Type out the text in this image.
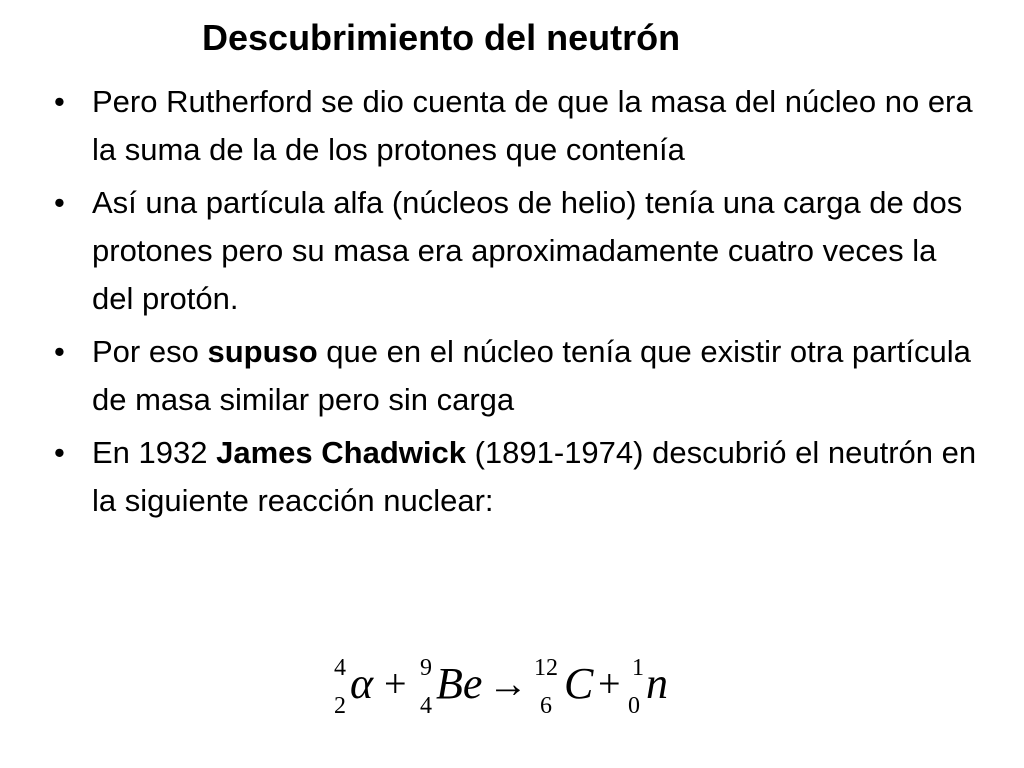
Descubrimiento del neutrón
• Pero Rutherford se dio cuenta de que la masa del núcleo no era la suma de la de los protones que contenía
• Así una partícula alfa (núcleos de helio) tenía una carga de dos protones pero su masa era aproximadamente cuatro veces la del protón.
• Por eso supuso que en el núcleo tenía que existir otra partícula de masa similar pero sin carga
• En 1932 James Chadwick (1891-1974) descubrió el neutrón en la siguiente reacción nuclear:
4
2 α + 9
4 Be → 12
6 C + 1
0 n
